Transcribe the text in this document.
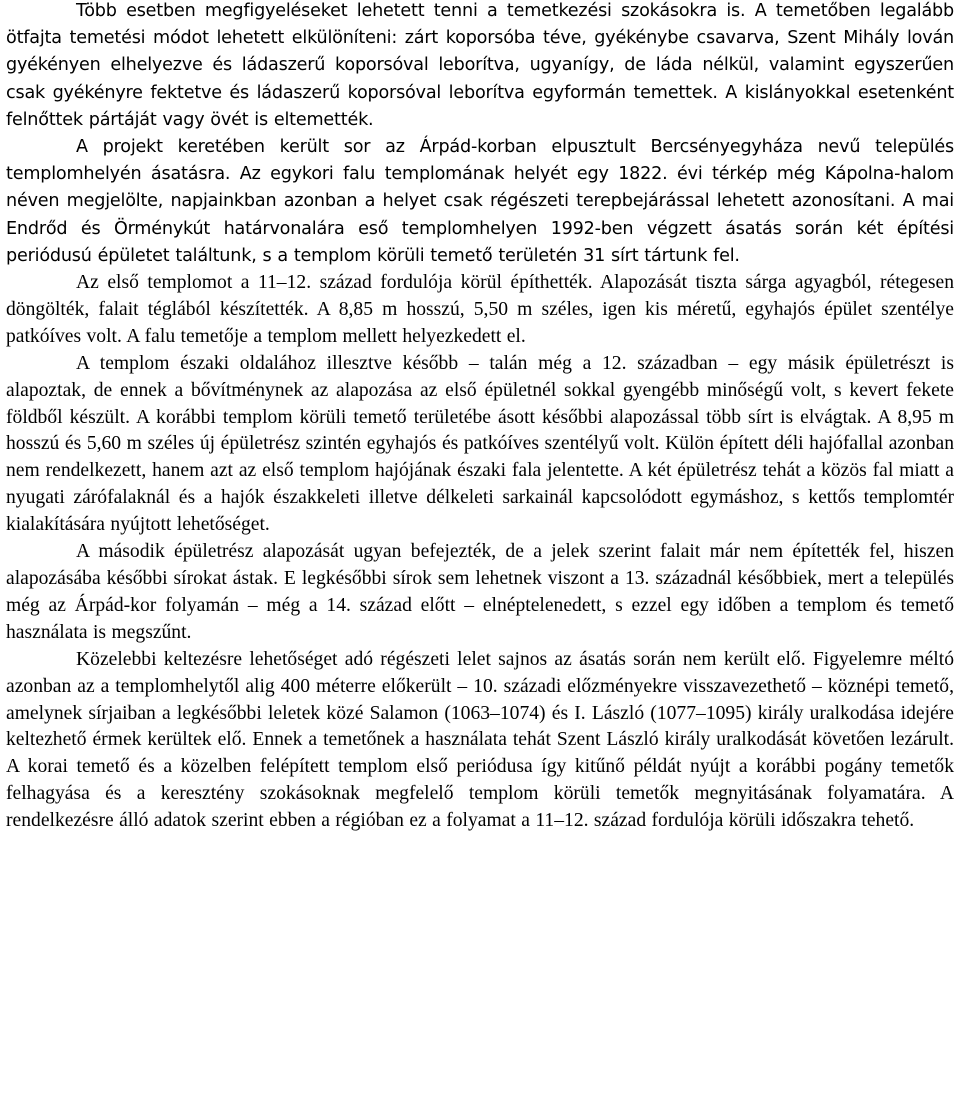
Több esetben megfigyeléseket lehetett tenni a temetkezési szokásokra is. A temetőben legalább ötfajta temetési módot lehetett elkülöníteni: zárt koporsóba téve, gyékénybe csavarva, Szent Mihály lován gyékényen elhelyezve és ládaszerű koporsóval leborítva, ugyanígy, de láda nélkül, valamint egyszerűen csak gyékényre fektetve és ládaszerű koporsóval leborítva egyformán temettek. A kislányokkal esetenként felnőttek pártáját vagy övét is eltemették.

A projekt keretében került sor az Árpád-korban elpusztult Bercsényegyháza nevű település templomhelyén ásatásra. Az egykori falu templomának helyét egy 1822. évi térkép még Kápolna-halom néven megjelölte, napjainkban azonban a helyet csak régészeti terepbejárással lehetett azonosítani. A mai Endrőd és Örménykút határvonalára eső templomhelyen 1992-ben végzett ásatás során két építési periódusú épületet találtunk, s a templom körüli temető területén 31 sírt tártunk fel.

Az első templomot a 11–12. század fordulója körül építhették. Alapozását tiszta sárga agyagból, rétegesen döngölték, falait téglából készítették. A 8,85 m hosszú, 5,50 m széles, igen kis méretű, egyhajós épület szentélye patkóíves volt. A falu temetője a templom mellett helyezkedett el.

A templom északi oldalához illesztve később – talán még a 12. században – egy másik épületrészt is alapoztak, de ennek a bővítménynek az alapozása az első épületnél sokkal gyengébb minőségű volt, s kevert fekete földből készült. A korábbi templom körüli temető területébe ásott későbbi alapozással több sírt is elvágtak. A 8,95 m hosszú és 5,60 m széles új épületrész szintén egyhajós és patkóíves szentélyű volt. Külön épített déli hajófallal azonban nem rendelkezett, hanem azt az első templom hajójának északi fala jelentette. A két épületrész tehát a közös fal miatt a nyugati zárófalaknál és a hajók északkeleti illetve délkeleti sarkainál kapcsolódott egymáshoz, s kettős templomtér kialakítására nyújtott lehetőséget.

A második épületrész alapozását ugyan befejezték, de a jelek szerint falait már nem építették fel, hiszen alapozásába későbbi sírokat ástak. E legkésőbbi sírok sem lehetnek viszont a 13. századnál későbbiek, mert a település még az Árpád-kor folyamán – még a 14. század előtt – elnéptelenedett, s ezzel egy időben a templom és temető használata is megszűnt.

Közelebbi keltezésre lehetőséget adó régészeti lelet sajnos az ásatás során nem került elő. Figyelemre méltó azonban az a templomhelytől alig 400 méterre előkerült – 10. századi előzményekre visszavezethető – köznépi temető, amelynek sírjaiban a legkésőbbi leletek közé Salamon (1063–1074) és I. László (1077–1095) király uralkodása idejére keltezhető érmek kerültek elő. Ennek a temetőnek a használata tehát Szent László király uralkodását követően lezárult. A korai temető és a közelben felépített templom első periódusa így kitűnő példát nyújt a korábbi pogány temetők felhagyása és a keresztény szokásoknak megfelelő templom körüli temetők megnyitásának folyamatára. A rendelkezésre álló adatok szerint ebben a régióban ez a folyamat a 11–12. század fordulója körüli időszakra tehető.
